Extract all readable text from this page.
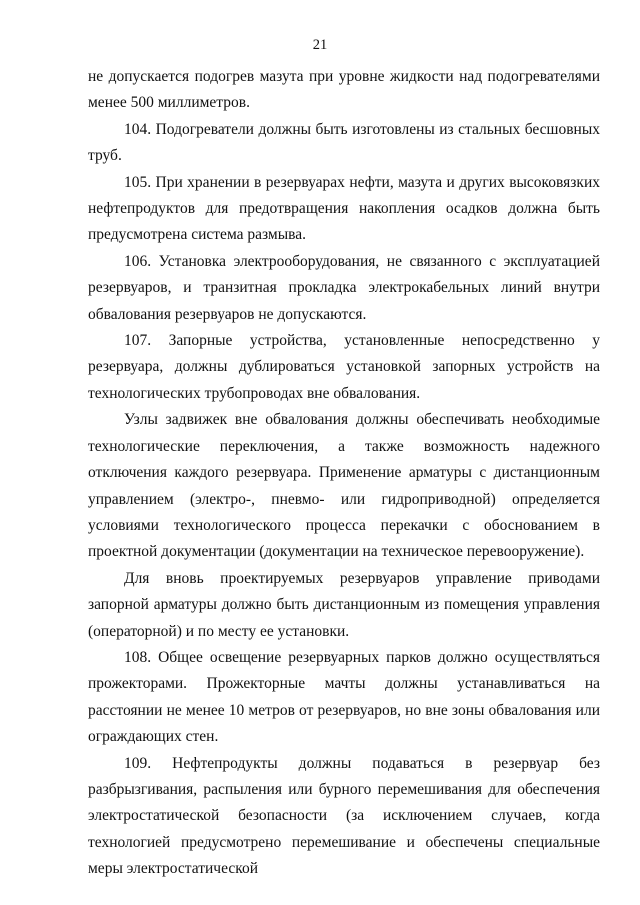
21

не допускается подогрев мазута при уровне жидкости над подогревателями менее 500 миллиметров.

104. Подогреватели должны быть изготовлены из стальных бесшовных труб.

105. При хранении в резервуарах нефти, мазута и других высоковязких нефтепродуктов для предотвращения накопления осадков должна быть предусмотрена система размыва.

106. Установка электрооборудования, не связанного с эксплуатацией резервуаров, и транзитная прокладка электрокабельных линий внутри обвалования резервуаров не допускаются.

107. Запорные устройства, установленные непосредственно у резервуара, должны дублироваться установкой запорных устройств на технологических трубопроводах вне обвалования.

Узлы задвижек вне обвалования должны обеспечивать необходимые технологические переключения, а также возможность надежного отключения каждого резервуара. Применение арматуры с дистанционным управлением (электро-, пневмо- или гидроприводной) определяется условиями технологического процесса перекачки с обоснованием в проектной документации (документации на техническое перевооружение).

Для вновь проектируемых резервуаров управление приводами запорной арматуры должно быть дистанционным из помещения управления (операторной) и по месту ее установки.

108. Общее освещение резервуарных парков должно осуществляться прожекторами. Прожекторные мачты должны устанавливаться на расстоянии не менее 10 метров от резервуаров, но вне зоны обвалования или ограждающих стен.

109. Нефтепродукты должны подаваться в резервуар без разбрызгивания, распыления или бурного перемешивания для обеспечения электростатической безопасности (за исключением случаев, когда технологией предусмотрено перемешивание и обеспечены специальные меры электростатической
